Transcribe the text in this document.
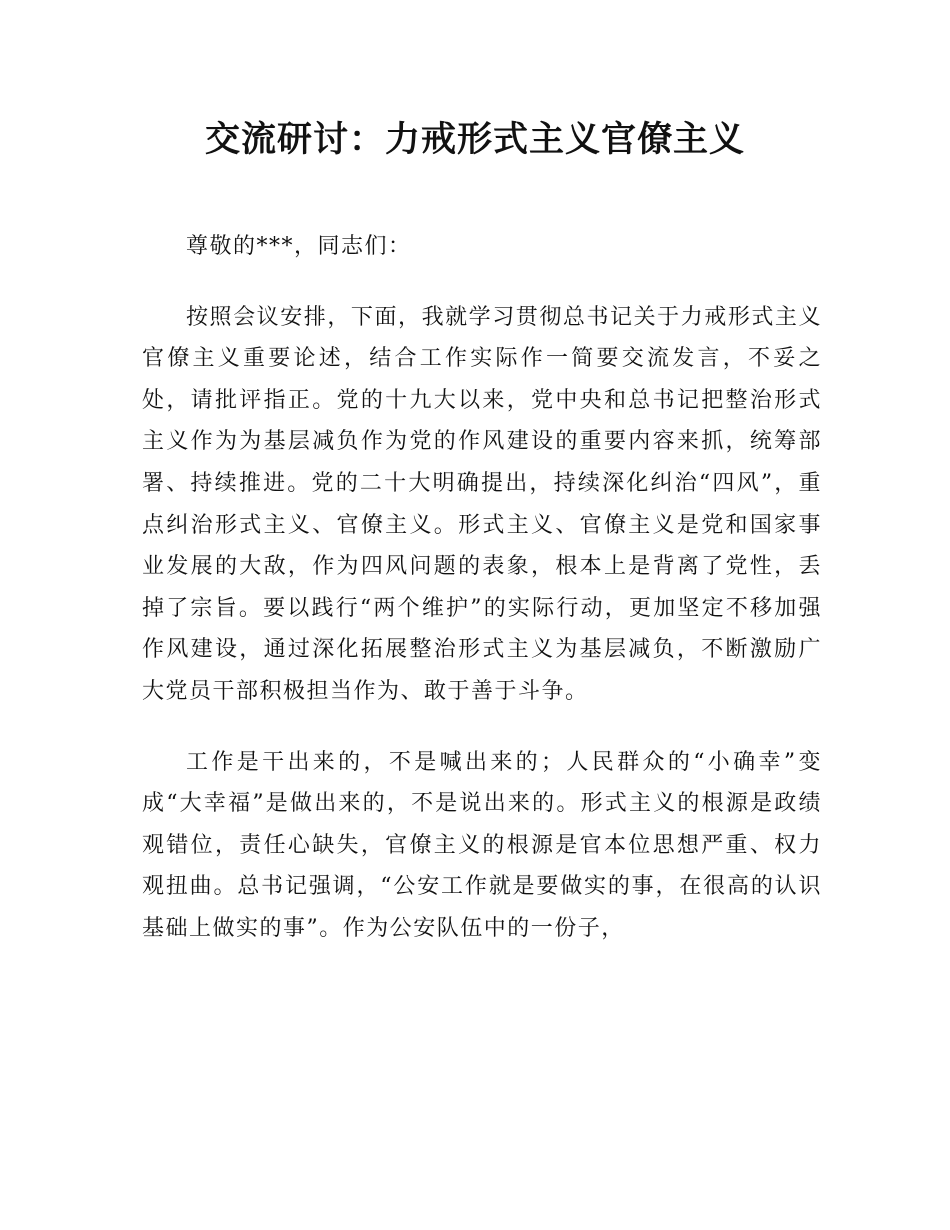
交流研讨：力戒形式主义官僚主义

尊敬的***，同志们：

按照会议安排，下面，我就学习贯彻总书记关于力戒形式主义官僚主义重要论述，结合工作实际作一简要交流发言，不妥之处，请批评指正。党的十九大以来，党中央和总书记把整治形式主义作为为基层减负作为党的作风建设的重要内容来抓，统筹部署、持续推进。党的二十大明确提出，持续深化纠治“四风”，重点纠治形式主义、官僚主义。形式主义、官僚主义是党和国家事业发展的大敌，作为四风问题的表象，根本上是背离了党性，丢掉了宗旨。要以践行“两个维护”的实际行动，更加坚定不移加强作风建设，通过深化拓展整治形式主义为基层减负，不断激励广大党员干部积极担当作为、敢于善于斗争。

工作是干出来的，不是喊出来的；人民群众的“小确幸”变成“大幸福”是做出来的，不是说出来的。形式主义的根源是政绩观错位，责任心缺失，官僚主义的根源是官本位思想严重、权力观扭曲。总书记强调，“公安工作就是要做实的事，在很高的认识基础上做实的事”。作为公安队伍中的一份子，
